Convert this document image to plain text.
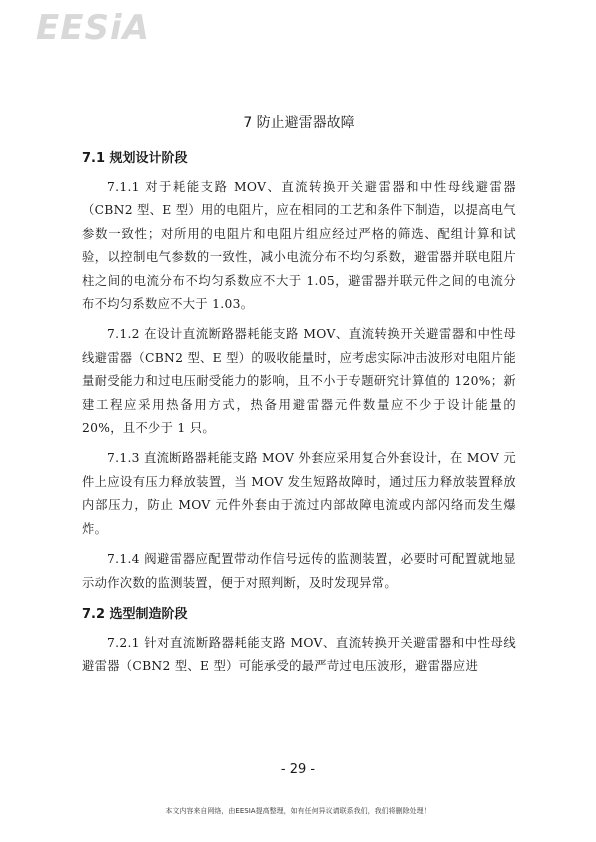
EESiA
7 防止避雷器故障
7.1 规划设计阶段

7.1.1 对于耗能支路 MOV、直流转换开关避雷器和中性母线避雷器（CBN2 型、E 型）用的电阻片，应在相同的工艺和条件下制造，以提高电气参数一致性；对所用的电阻片和电阻片组应经过严格的筛选、配组计算和试验，以控制电气参数的一致性，减小电流分布不均匀系数，避雷器并联电阻片柱之间的电流分布不均匀系数应不大于 1.05，避雷器并联元件之间的电流分布不均匀系数应不大于 1.03。

7.1.2 在设计直流断路器耗能支路 MOV、直流转换开关避雷器和中性母线避雷器（CBN2 型、E 型）的吸收能量时，应考虑实际冲击波形对电阻片能量耐受能力和过电压耐受能力的影响，且不小于专题研究计算值的 120%；新建工程应采用热备用方式，热备用避雷器元件数量应不少于设计能量的 20%，且不少于 1 只。

7.1.3 直流断路器耗能支路 MOV 外套应采用复合外套设计，在 MOV 元件上应设有压力释放装置，当 MOV 发生短路故障时，通过压力释放装置释放内部压力，防止 MOV 元件外套由于流过内部故障电流或内部闪络而发生爆炸。

7.1.4 阀避雷器应配置带动作信号远传的监测装置，必要时可配置就地显示动作次数的监测装置，便于对照判断，及时发现异常。

7.2 选型制造阶段

7.2.1 针对直流断路器耗能支路 MOV、直流转换开关避雷器和中性母线避雷器（CBN2 型、E 型）可能承受的最严苛过电压波形，避雷器应进

- 29 -
本文内容来自网络，由EESIA提高整理，如有任何异议请联系我们，我们将删除处理！
